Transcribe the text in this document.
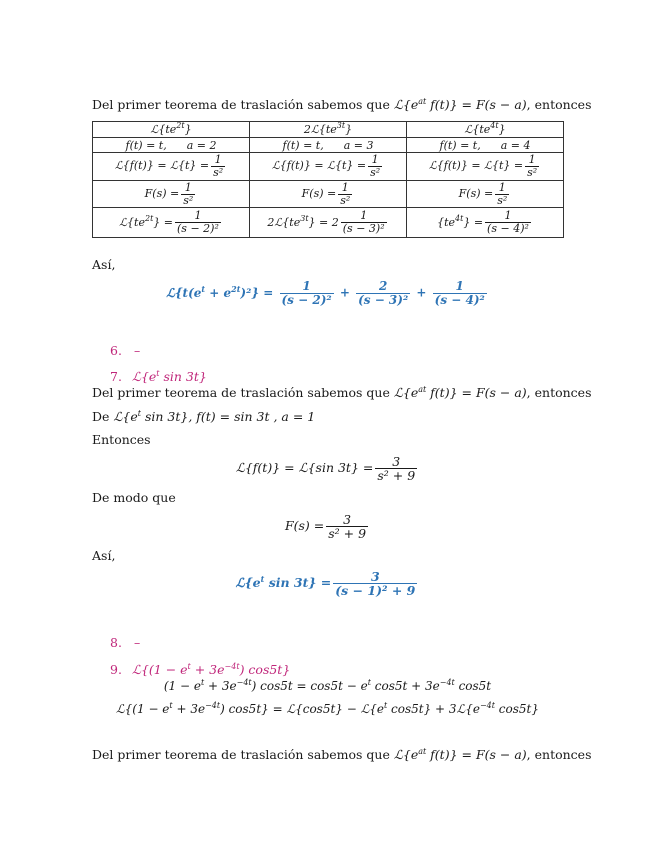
Del primer teorema de traslación sabemos que $ℒ\{e^{at}$ f(t)} = F(s − a), entonces
$ℒ\{te^{2t}\}$	$2ℒ\{te^{3t}\}$	$ℒ\{te^{4t}\}$
f(t) = t, a = 2	f(t) = t, a = 3	f(t) = t, a = 4
ℒ{f(t)} = ℒ{t} = $\frac{1}{\text{s²}}$	ℒ{f(t)} = ℒ{t} = $\frac{1}{\text{s²}}$	ℒ{f(t)} = ℒ{t} = $\frac{1}{\text{s²}}$

$F(s) = \frac{1}{\text{s²}}$	$F(s) = \frac{1}{\text{s²}}$	$F(s) = \frac{1}{\text{s²}}$

$ℒ\{te^{2t}\} = \frac{1}{\text{(s − 2)²}}$	$2ℒ\{te^{3t}\} = 2 \frac{1}{\text{(s − 3)²}}$	$\{te^{4t}\} = \frac{1}{\text{(s − 4)²}}$
Así,
$ℒ\{t(e^t + e^{2t})^2\} = \frac{1}{\text{(s − 2)²}} + \frac{2}{\text{(s − 3)²}} + \frac{1}{\text{(s − 4)²}}$
6. –
7. $ℒ\{e^t$ sin 3t}
Del primer teorema de traslación sabemos que $ℒ\{e^{at}$ f(t)} = F(s − a), entonces
De $ℒ\{e^t$ sin 3t}, f(t) = sin 3t , a = 1
Entonces
ℒ{f(t)} = ℒ{sin $3t\} = \frac{3}{\text{s² + 9}}$
De modo que
$F(s) = \frac{3}{\text{s² + 9}}$
Así,
$ℒ\{e^t$ $\sin 3t\} = \frac{3}{\text{(s − 1)² + 9}}$
8. –
9. ℒ{(1 − $e^t + 3e^{-4t}$) cos5t}
$(1 - e^t + 3e^{-4t})$ $\cos 5t = \cos 5t - e^t$ $\cos 5t + 3e^{-4t}$ cos5t
ℒ{(1 − $e^t + 3e^{-4t}$) cos5t} = ℒ{cos5t} − $ℒ\{e^t$ $\cos 5t\} + 3ℒ\{e^{-4t}$ cos5t}
Del primer teorema de traslación sabemos que $ℒ\{e^{at}$ f(t)} = F(s − a), entonces
